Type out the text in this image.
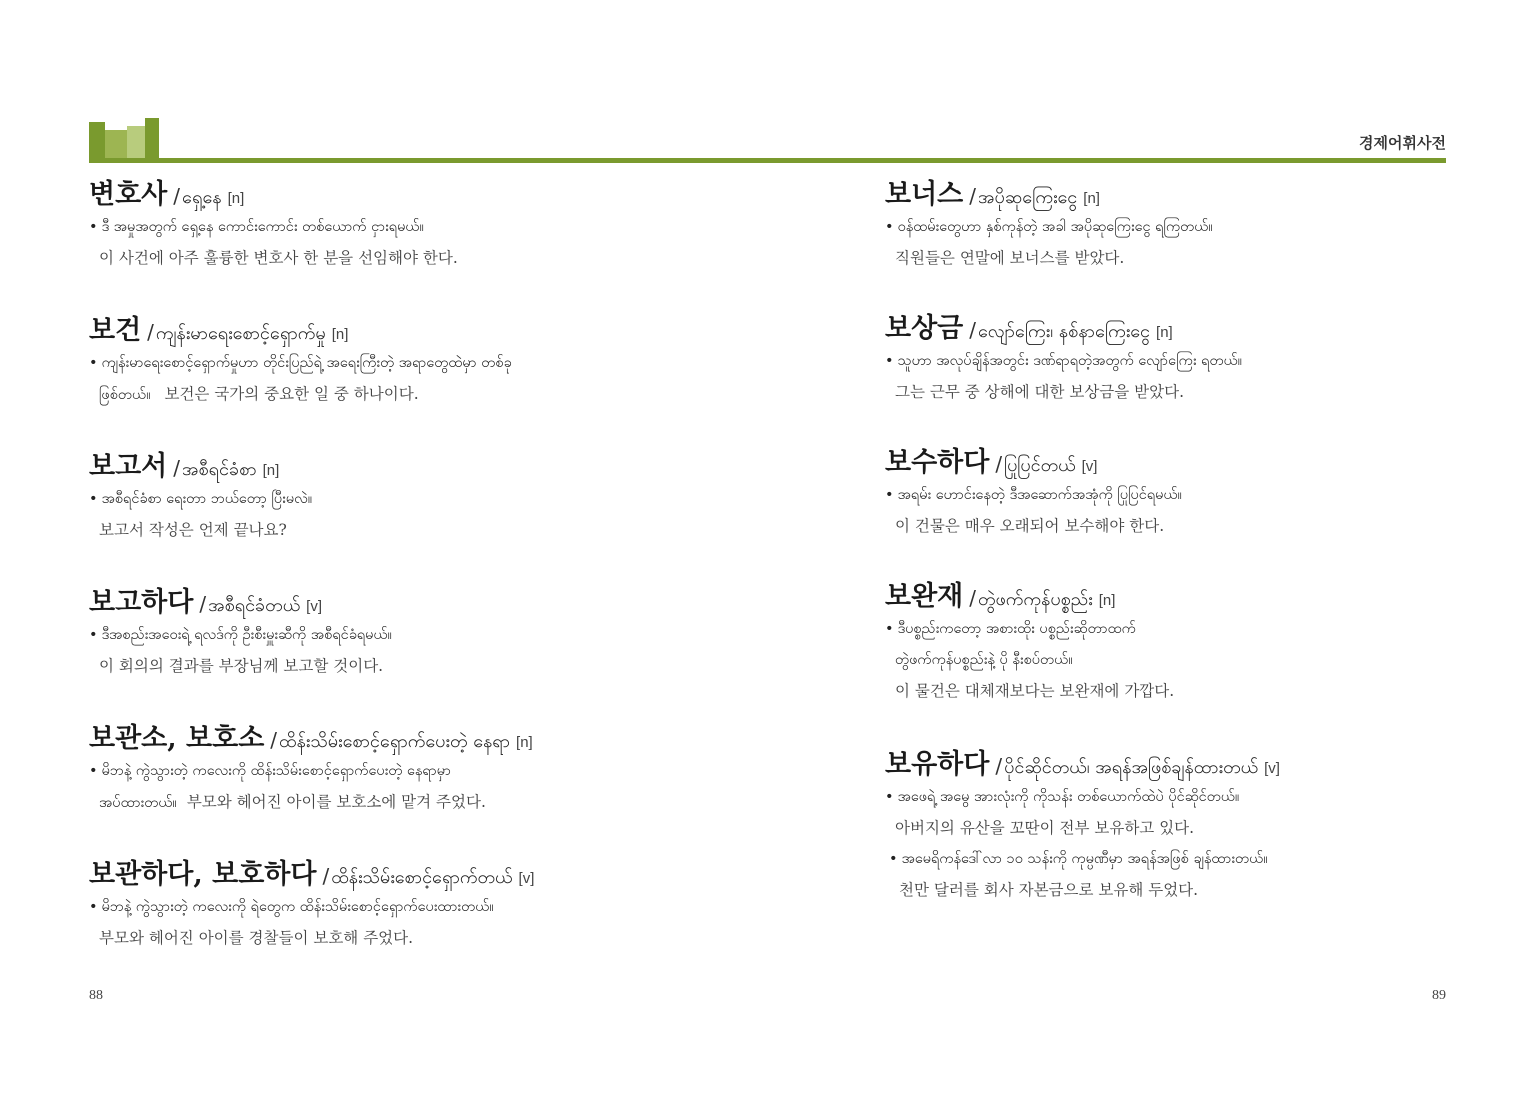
경제어휘사전

변호사 / ရှေ့နေ [n]

• ဒီ အမှုအတွက် ရှေ့နေ ကောင်းကောင်း တစ်ယောက် ငှားရမယ်။

이 사건에 아주 훌륭한 변호사 한 분을 선임해야 한다.

보건 / ကျန်းမာရေးစောင့်ရှောက်မှု [n]

• ကျန်းမာရေးစောင့်ရှောက်မှုဟာ တိုင်းပြည်ရဲ့ အရေးကြီးတဲ့ အရာတွေထဲမှာ တစ်ခု

ဖြစ်တယ်။ 보건은 국가의 중요한 일 중 하나이다.

보고서 / အစီရင်ခံစာ [n]

• အစီရင်ခံစာ ရေးတာ ဘယ်တော့ ပြီးမလဲ။

보고서 작성은 언제 끝나요?

보고하다 / အစီရင်ခံတယ် [v]

• ဒီအစည်းအဝေးရဲ့ ရလဒ်ကို ဦးစီးမှူးဆီကို အစီရင်ခံရမယ်။

이 회의의 결과를 부장님께 보고할 것이다.

보관소, 보호소 / ထိန်းသိမ်းစောင့်ရှောက်ပေးတဲ့ နေရာ [n]

• မိဘနဲ့ ကွဲသွားတဲ့ ကလေးကို ထိန်းသိမ်းစောင့်ရှောက်ပေးတဲ့ နေရာမှာ

အပ်ထားတယ်။ 부모와 헤어진 아이를 보호소에 맡겨 주었다.

보관하다, 보호하다 / ထိန်းသိမ်းစောင့်ရှောက်တယ် [v]

• မိဘနဲ့ ကွဲသွားတဲ့ ကလေးကို ရဲတွေက ထိန်းသိမ်းစောင့်ရှောက်ပေးထားတယ်။

부모와 헤어진 아이를 경찰들이 보호해 주었다.

보너스 / အပိုဆုကြေးငွေ [n]

• ဝန်ထမ်းတွေဟာ နှစ်ကုန်တဲ့ အခါ အပိုဆုကြေးငွေ ရကြတယ်။

직원들은 연말에 보너스를 받았다.

보상금 / လျော်ကြေး၊ နစ်နာကြေးငွေ [n]

• သူဟာ အလုပ်ချိန်အတွင်း ဒဏ်ရာရတဲ့အတွက် လျော်ကြေး ရတယ်။

그는 근무 중 상해에 대한 보상금을 받았다.

보수하다 / ပြုပြင်တယ် [v]

• အရမ်း ဟောင်းနေတဲ့ ဒီအဆောက်အအုံကို ပြုပြင်ရမယ်။

이 건물은 매우 오래되어 보수해야 한다.

보완재 / တွဲဖက်ကုန်ပစ္စည်း [n]

• ဒီပစ္စည်းကတော့ အစားထိုး ပစ္စည်းဆိုတာထက်

တွဲဖက်ကုန်ပစ္စည်းနဲ့ ပို နီးစပ်တယ်။

이 물건은 대체재보다는 보완재에 가깝다.

보유하다 / ပိုင်ဆိုင်တယ်၊ အရန်အဖြစ်ချန်ထားတယ် [v]

• အဖေရဲ့ အမွေ အားလုံးကို ကိုသန်း တစ်ယောက်ထဲပဲ ပိုင်ဆိုင်တယ်။

아버지의 유산을 꼬딴이 전부 보유하고 있다.

• အမေရိကန်ဒေါ်လာ ၁၀ သန်းကို ကုမ္ပဏီမှာ အရန်အဖြစ် ချန်ထားတယ်။

천만 달러를 회사 자본금으로 보유해 두었다.

88	89
